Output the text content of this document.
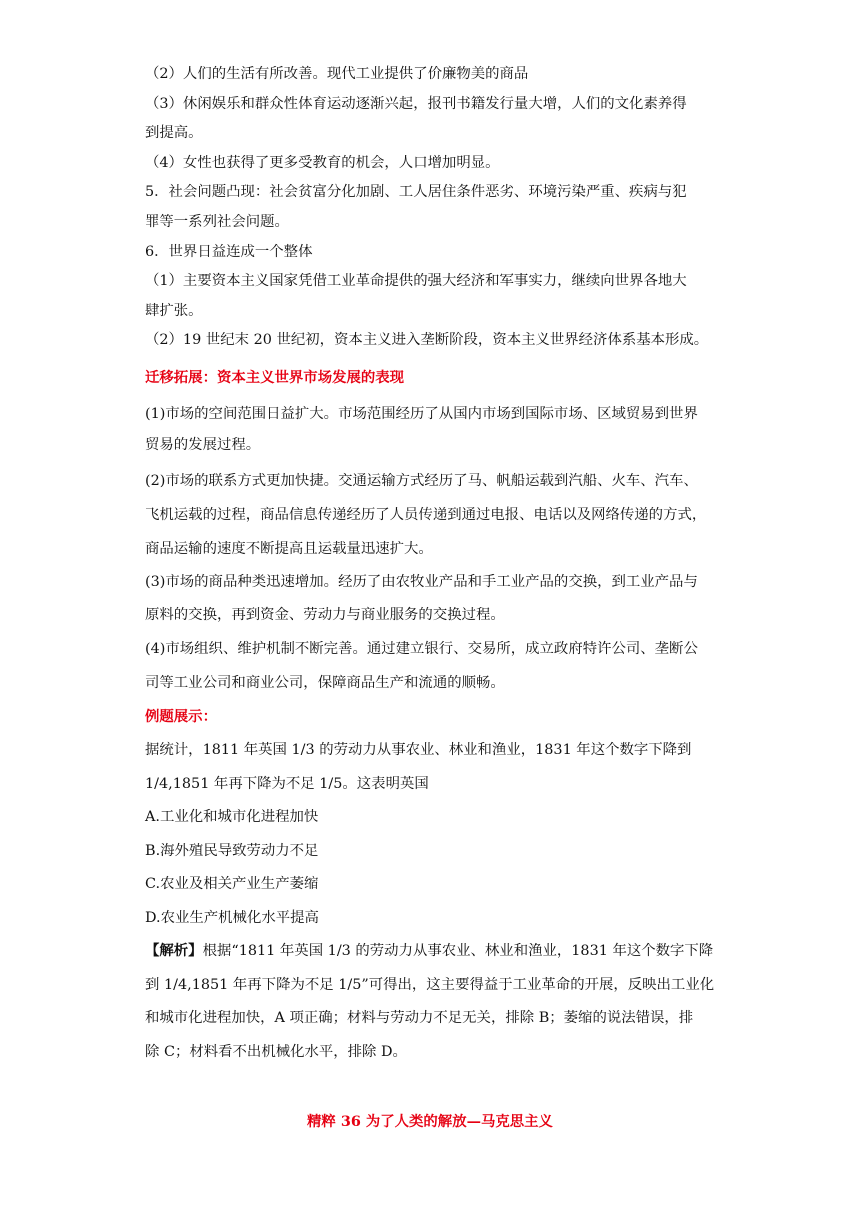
（2）人们的生活有所改善。现代工业提供了价廉物美的商品
（3）休闲娱乐和群众性体育运动逐渐兴起，报刊书籍发行量大增，人们的文化素养得
到提高。
（4）女性也获得了更多受教育的机会，人口增加明显。
5．社会问题凸现：社会贫富分化加剧、工人居住条件恶劣、环境污染严重、疾病与犯
罪等一系列社会问题。
6．世界日益连成一个整体
（1）主要资本主义国家凭借工业革命提供的强大经济和军事实力，继续向世界各地大
肆扩张。
（2）19 世纪末 20 世纪初，资本主义进入垄断阶段，资本主义世界经济体系基本形成。
迁移拓展：资本主义世界市场发展的表现
(1)市场的空间范围日益扩大。市场范围经历了从国内市场到国际市场、区域贸易到世界
贸易的发展过程。
(2)市场的联系方式更加快捷。交通运输方式经历了马、帆船运载到汽船、火车、汽车、
飞机运载的过程，商品信息传递经历了人员传递到通过电报、电话以及网络传递的方式，
商品运输的速度不断提高且运载量迅速扩大。
(3)市场的商品种类迅速增加。经历了由农牧业产品和手工业产品的交换，到工业产品与
原料的交换，再到资金、劳动力与商业服务的交换过程。
(4)市场组织、维护机制不断完善。通过建立银行、交易所，成立政府特许公司、垄断公
司等工业公司和商业公司，保障商品生产和流通的顺畅。
例题展示：
据统计，1811 年英国 1/3 的劳动力从事农业、林业和渔业，1831 年这个数字下降到
1/4,1851 年再下降为不足 1/5。这表明英国
A.工业化和城市化进程加快
B.海外殖民导致劳动力不足
C.农业及相关产业生产萎缩
D.农业生产机械化水平提高
【解析】根据“1811 年英国 1/3 的劳动力从事农业、林业和渔业，1831 年这个数字下降
到 1/4,1851 年再下降为不足 1/5”可得出，这主要得益于工业革命的开展，反映出工业化
和城市化进程加快，A 项正确；材料与劳动力不足无关，排除 B；萎缩的说法错误，排
除 C；材料看不出机械化水平，排除 D。
精粹 36 为了人类的解放—马克思主义
